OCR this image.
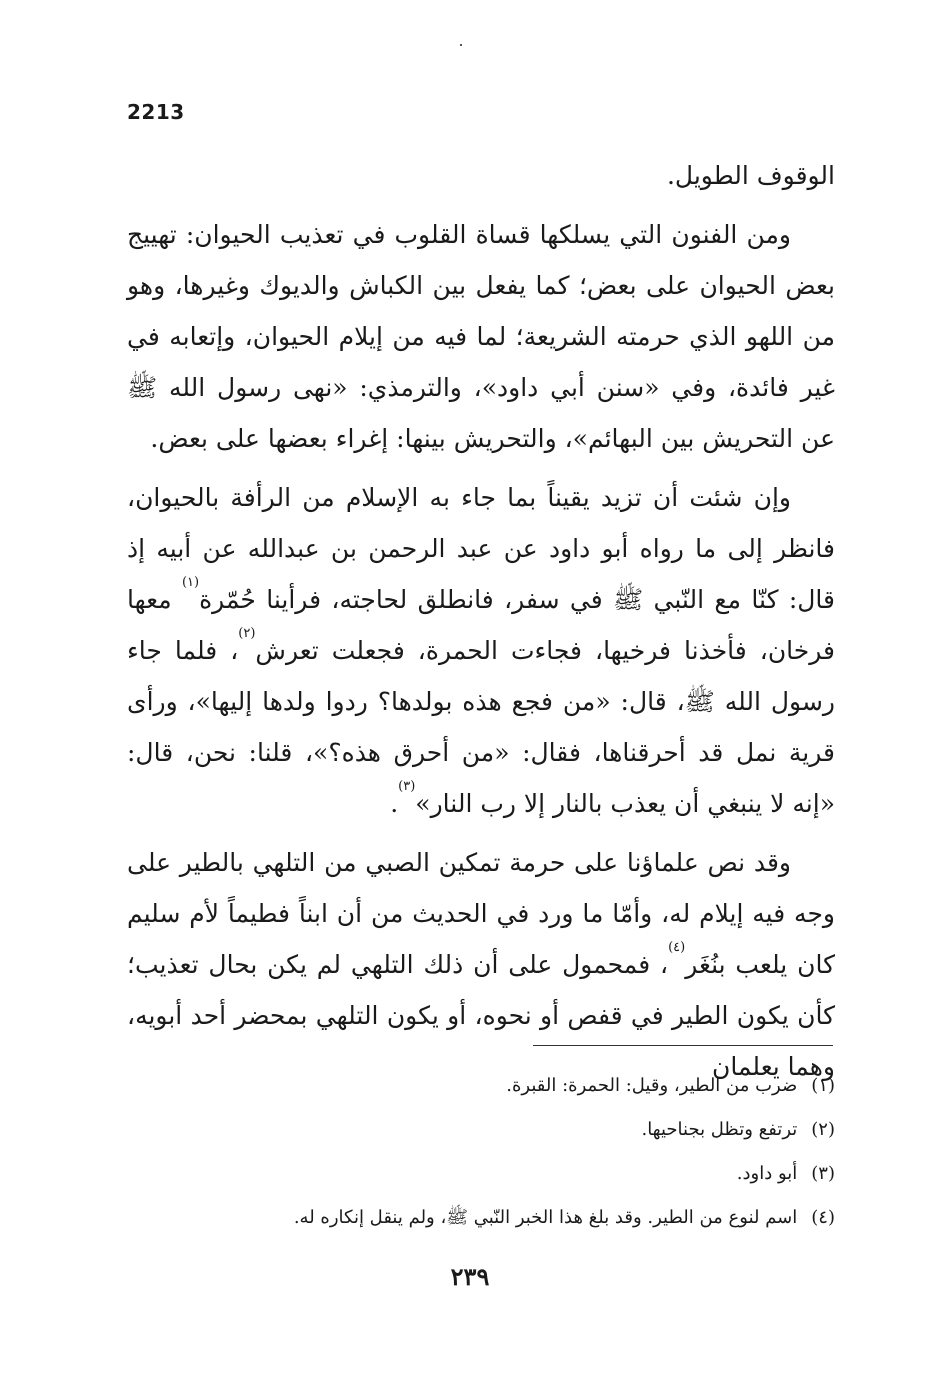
2213

الوقوف الطويل.

ومن الفنون التي يسلكها قساة القلوب في تعذيب الحيوان: تهييج بعض الحيوان على بعض؛ كما يفعل بين الكباش والديوك وغيرها، وهو من اللهو الذي حرمته الشريعة؛ لما فيه من إيلام الحيوان، وإتعابه في غير فائدة، وفي «سنن أبي داود»، والترمذي: «نهى رسول الله ﷺ عن التحريش بين البهائم»، والتحريش بينها: إغراء بعضها على بعض.

وإن شئت أن تزيد يقيناً بما جاء به الإسلام من الرأفة بالحيوان، فانظر إلى ما رواه أبو داود عن عبد الرحمن بن عبدالله عن أبيه إذ قال: كنّا مع النّبي ﷺ في سفر، فانطلق لحاجته، فرأينا حُمّرة$^{(١)}$ معها فرخان، فأخذنا فرخيها، فجاءت الحمرة، فجعلت تعرش$^{(٢)}$، فلما جاء رسول الله ﷺ، قال: «من فجع هذه بولدها؟ ردوا ولدها إليها»، ورأى قرية نمل قد أحرقناها، فقال: «من أحرق هذه؟»، قلنا: نحن، قال: «إنه لا ينبغي أن يعذب بالنار إلا رب النار»$^{(٣)}$.

وقد نص علماؤنا على حرمة تمكين الصبي من التلهي بالطير على وجه فيه إيلام له، وأمّا ما ورد في الحديث من أن ابناً فطيماً لأم سليم كان يلعب بنُغَر$^{(٤)}$، فمحمول على أن ذلك التلهي لم يكن بحال تعذيب؛ كأن يكون الطير في قفص أو نحوه، أو يكون التلهي بمحضر أحد أبويه، وهما يعلمان

(١)ضرب من الطير، وقيل: الحمرة: القبرة.
(٢)ترتفع وتظل بجناحيها.
(٣)أبو داود.
(٤)اسم لنوع من الطير. وقد بلغ هذا الخبر النّبي ﷺ، ولم ينقل إنكاره له.
٢٣٩
